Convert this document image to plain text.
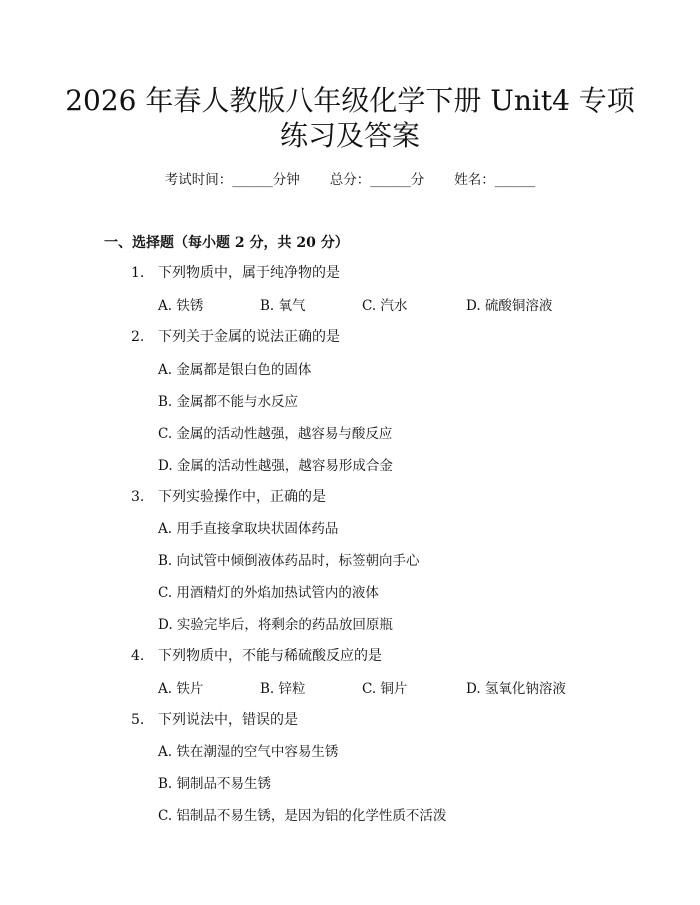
2026 年春人教版八年级化学下册 Unit4 专项
练习及答案
考试时间：______分钟 总分：______分 姓名：______
一、选择题（每小题 2 分，共 20 分）
1. 下列物质中，属于纯净物的是
A. 铁锈	B. 氧气	C. 汽水	D. 硫酸铜溶液
2. 下列关于金属的说法正确的是
A. 金属都是银白色的固体
B. 金属都不能与水反应
C. 金属的活动性越强，越容易与酸反应
D. 金属的活动性越强，越容易形成合金
3. 下列实验操作中，正确的是
A. 用手直接拿取块状固体药品
B. 向试管中倾倒液体药品时，标签朝向手心
C. 用酒精灯的外焰加热试管内的液体
D. 实验完毕后，将剩余的药品放回原瓶
4. 下列物质中，不能与稀硫酸反应的是
A. 铁片	B. 锌粒	C. 铜片	D. 氢氧化钠溶液
5. 下列说法中，错误的是
A. 铁在潮湿的空气中容易生锈
B. 铜制品不易生锈
C. 铝制品不易生锈，是因为铝的化学性质不活泼
